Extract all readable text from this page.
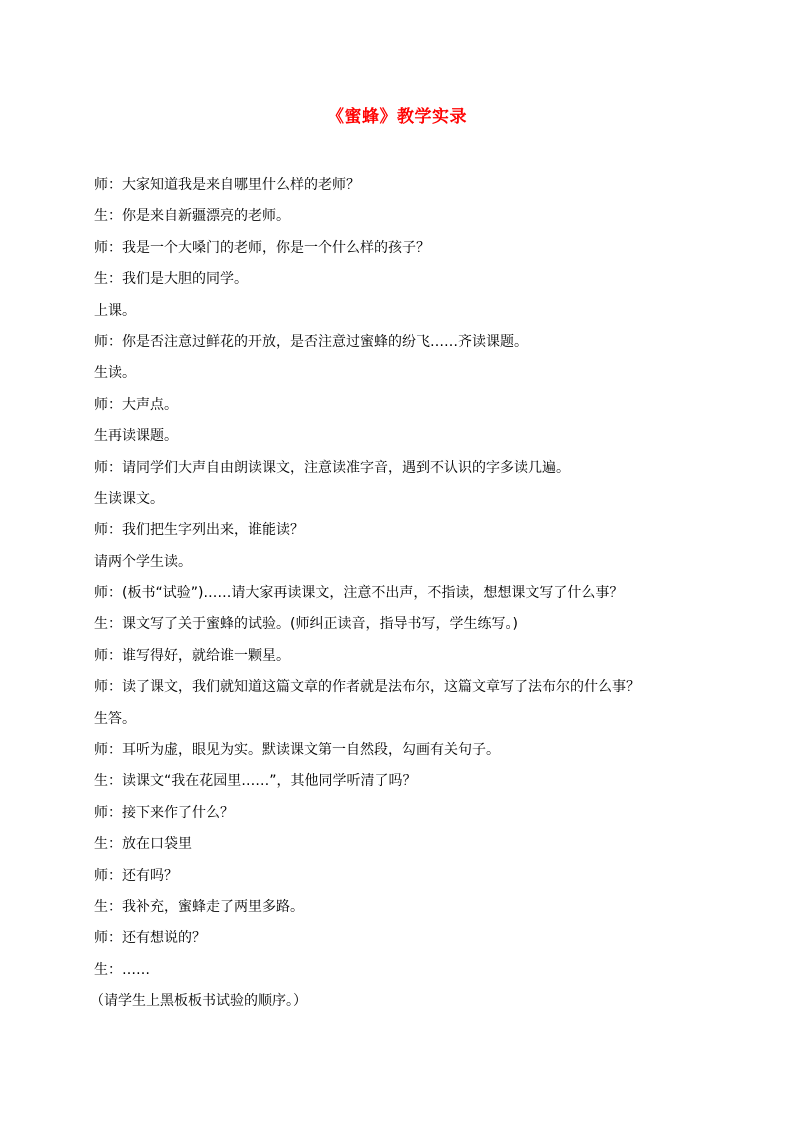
《蜜蜂》教学实录
师：大家知道我是来自哪里什么样的老师？
生：你是来自新疆漂亮的老师。
师：我是一个大嗓门的老师，你是一个什么样的孩子？
生：我们是大胆的同学。
上课。
师：你是否注意过鲜花的开放，是否注意过蜜蜂的纷飞……齐读课题。
生读。
师：大声点。
生再读课题。
师：请同学们大声自由朗读课文，注意读准字音，遇到不认识的字多读几遍。
生读课文。
师：我们把生字列出来，谁能读？
请两个学生读。
师：(板书“试验”)……请大家再读课文，注意不出声，不指读，想想课文写了什么事？
生：课文写了关于蜜蜂的试验。(师纠正读音，指导书写，学生练写。)
师：谁写得好，就给谁一颗星。
师：读了课文，我们就知道这篇文章的作者就是法布尔，这篇文章写了法布尔的什么事？
生答。
师：耳听为虚，眼见为实。默读课文第一自然段，勾画有关句子。
生：读课文“我在花园里……”，其他同学听清了吗？
师：接下来作了什么？
生：放在口袋里
师：还有吗？
生：我补充，蜜蜂走了两里多路。
师：还有想说的？
生：……
（请学生上黑板板书试验的顺序。）
